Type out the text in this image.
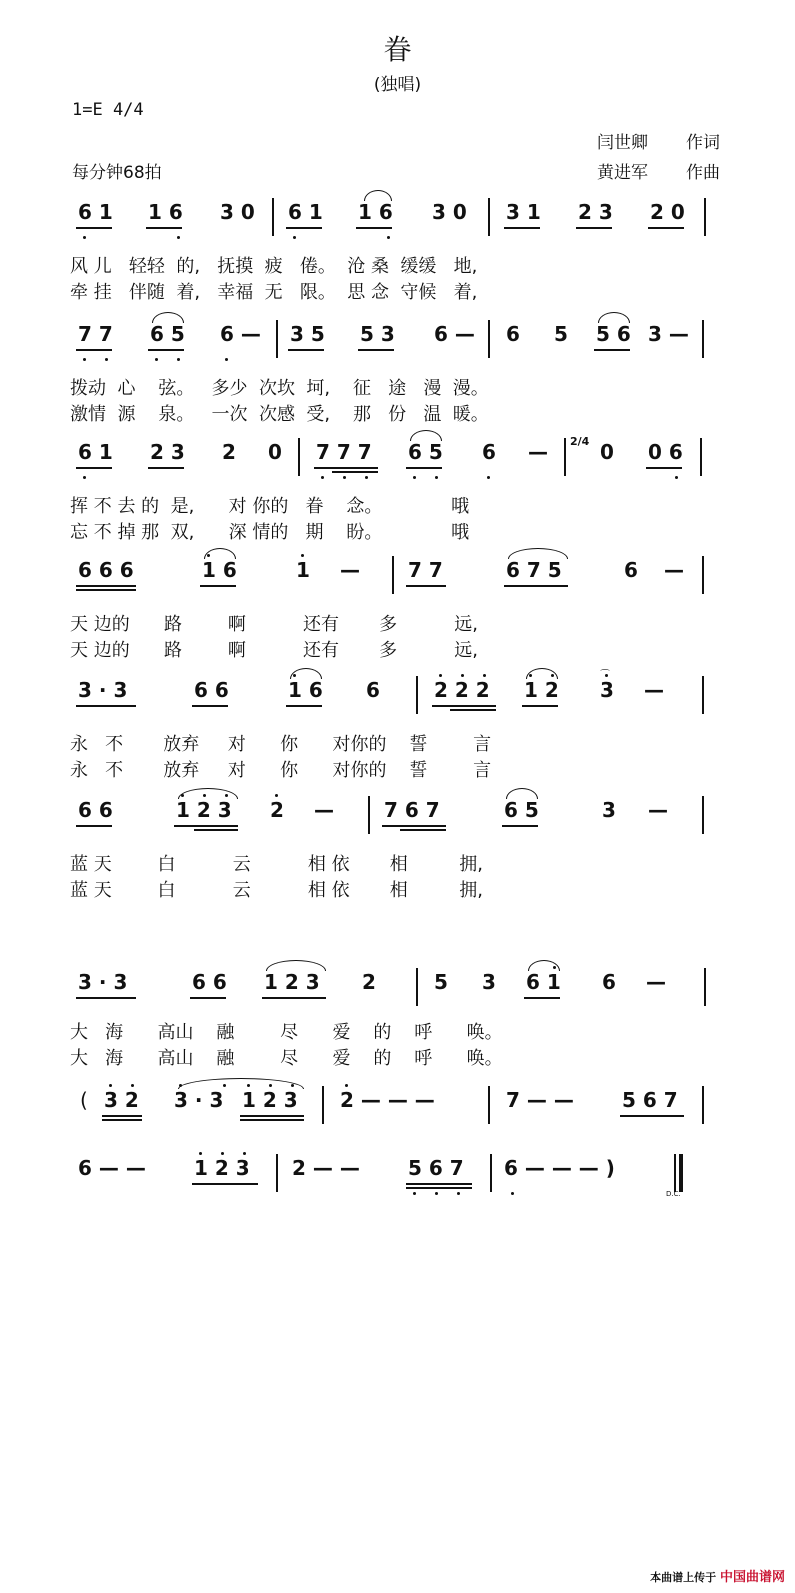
眷
(独唱)
1=E 4/4
每分钟68拍
闫世卿 作词
黄进军 作曲
6 1 1 6 3 0 6 1 1 6 3 0 3 1 2 3 2 0
风 儿   轻轻  的,   抚摸  疲   倦。  沧 桑  缓缓   地,
牵 挂   伴随  着,   幸福  无   限。  思 念  守候   着,
7 7 6 5 6 — 3 5 5 3 6 — 6 5 5 6 3 —
拨动  心    弦。   多少  次坎  坷,    征   途   漫  漫。
激情  源    泉。   一次  次感  受,    那   份   温  暖。
6 1 2 3 2 0 7 7 7 6 5 6 —	0 0 6
2/4
挥 不 去 的  是,      对 你的   眷    念。            哦
忘 不 掉 那  双,      深 情的   期    盼。            哦
6 6 6	1 6	1 — 7 7	6 7 5	6 —
天 边的      路        啊          还有       多          远,
天 边的      路        啊          还有       多          远,
3 · 3	6 6	1 6 6	2 2 2 1 2 3 —
⌒
永   不       放弃     对      你      对你的    誓        言
永   不       放弃     对      你      对你的    誓        言
6 6	1 2 3 2 —	7 6 7	6 5	3 —
蓝 天        白          云          相 依       相         拥,
蓝 天        白          云          相 依       相         拥,
3 · 3	6 6 1 2 3 2	5 3 6 1 6 —
大   海      高山    融        尽      爱    的    呼      唤。
大   海      高山    融        尽      爱    的    呼      唤。
( 3 2 3 · 3 1 2 3 2 — — —	7 — — 5 6 7
6 — — 1 2 3 2 — — 5 6 7 6 — — — )
D.C.
本曲谱上传于 中国曲谱网
